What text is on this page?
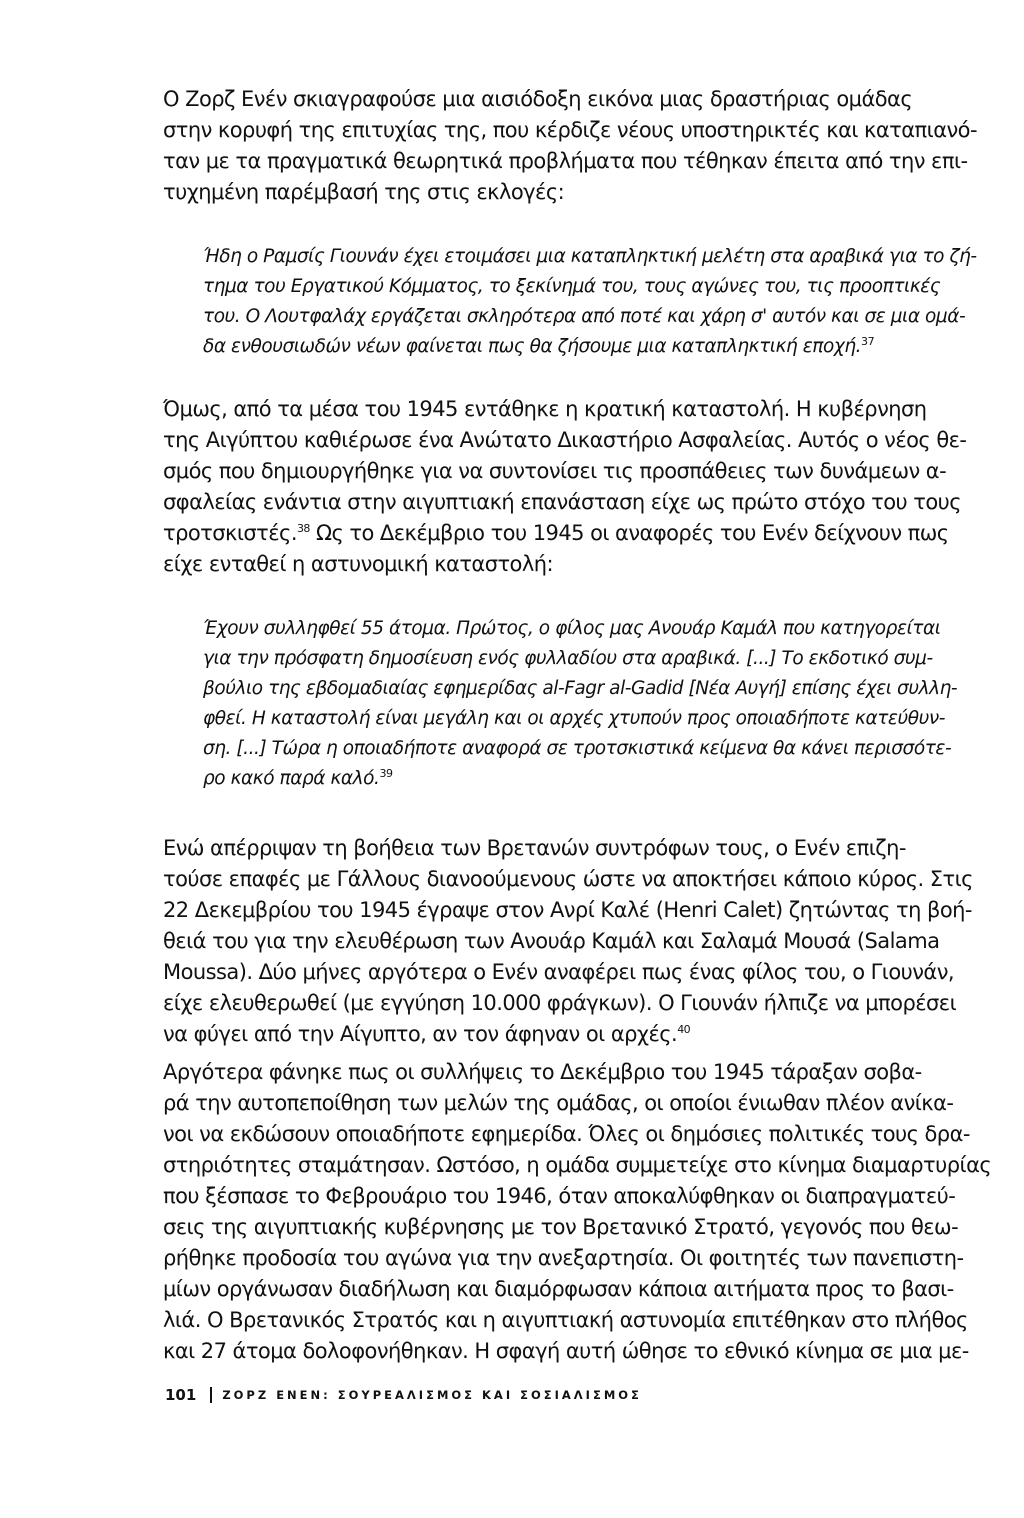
Ο Ζορζ Ενέν σκιαγραφούσε μια αισιόδοξη εικόνα μιας δραστήριας ομάδας

στην κορυφή της επιτυχίας της, που κέρδιζε νέους υποστηρικτές και καταπιανό-

ταν με τα πραγματικά θεωρητικά προβλήματα που τέθηκαν έπειτα από την επι-

τυχημένη παρέμβασή της στις εκλογές:

Ήδη ο Ραμσίς Γιουνάν έχει ετοιμάσει μια καταπληκτική μελέτη στα αραβικά για το ζή-

τημα του Εργατικού Κόμματος, το ξεκίνημά του, τους αγώνες του, τις προοπτικές

του. Ο Λουτφαλάχ εργάζεται σκληρότερα από ποτέ και χάρη σ' αυτόν και σε μια ομά-

δα ενθουσιωδών νέων φαίνεται πως θα ζήσουμε μια καταπληκτική εποχή.$^{37}$

Όμως, από τα μέσα του 1945 εντάθηκε η κρατική καταστολή. Η κυβέρνηση

της Αιγύπτου καθιέρωσε ένα Ανώτατο Δικαστήριο Ασφαλείας. Αυτός ο νέος θε-

σμός που δημιουργήθηκε για να συντονίσει τις προσπάθειες των δυνάμεων α-

σφαλείας ενάντια στην αιγυπτιακή επανάσταση είχε ως πρώτο στόχο του τους

τροτσκιστές.$^{38}$ Ως το Δεκέμβριο του 1945 οι αναφορές του Ενέν δείχνουν πως

είχε ενταθεί η αστυνομική καταστολή:

Έχουν συλληφθεί 55 άτομα. Πρώτος, ο φίλος μας Ανουάρ Καμάλ που κατηγορείται

για την πρόσφατη δημοσίευση ενός φυλλαδίου στα αραβικά. [...] Το εκδοτικό συμ-

βούλιο της εβδομαδιαίας εφημερίδας al-Fagr al-Gadid [Νέα Αυγή] επίσης έχει συλλη-

φθεί. Η καταστολή είναι μεγάλη και οι αρχές χτυπούν προς οποιαδήποτε κατεύθυν-

ση. [...] Τώρα η οποιαδήποτε αναφορά σε τροτσκιστικά κείμενα θα κάνει περισσότε-

ρο κακό παρά καλό.$^{39}$

Ενώ απέρριψαν τη βοήθεια των Βρετανών συντρόφων τους, ο Ενέν επιζη-

τούσε επαφές με Γάλλους διανοούμενους ώστε να αποκτήσει κάποιο κύρος. Στις

22 Δεκεμβρίου του 1945 έγραψε στον Ανρί Καλέ (Henri Calet) ζητώντας τη βοή-

θειά του για την ελευθέρωση των Ανουάρ Καμάλ και Σαλαμά Μουσά (Salama

Moussa). Δύο μήνες αργότερα ο Ενέν αναφέρει πως ένας φίλος του, ο Γιουνάν,

είχε ελευθερωθεί (με εγγύηση 10.000 φράγκων). Ο Γιουνάν ήλπιζε να μπορέσει

να φύγει από την Αίγυπτο, αν τον άφηναν οι αρχές.$^{40}$

Αργότερα φάνηκε πως οι συλλήψεις το Δεκέμβριο του 1945 τάραξαν σοβα-

ρά την αυτοπεποίθηση των μελών της ομάδας, οι οποίοι ένιωθαν πλέον ανίκα-

νοι να εκδώσουν οποιαδήποτε εφημερίδα. Όλες οι δημόσιες πολιτικές τους δρα-

στηριότητες σταμάτησαν. Ωστόσο, η ομάδα συμμετείχε στο κίνημα διαμαρτυρίας

που ξέσπασε το Φεβρουάριο του 1946, όταν αποκαλύφθηκαν οι διαπραγματεύ-

σεις της αιγυπτιακής κυβέρνησης με τον Βρετανικό Στρατό, γεγονός που θεω-

ρήθηκε προδοσία του αγώνα για την ανεξαρτησία. Οι φοιτητές των πανεπιστη-

μίων οργάνωσαν διαδήλωση και διαμόρφωσαν κάποια αιτήματα προς το βασι-

λιά. Ο Βρετανικός Στρατός και η αιγυπτιακή αστυνομία επιτέθηκαν στο πλήθος

και 27 άτομα δολοφονήθηκαν. Η σφαγή αυτή ώθησε το εθνικό κίνημα σε μια με-

101 ΖΟΡΖ ΕΝΕΝ: ΣΟΥΡΕΑΛΙΣΜΟΣ ΚΑΙ ΣΟΣΙΑΛΙΣΜΟΣ
